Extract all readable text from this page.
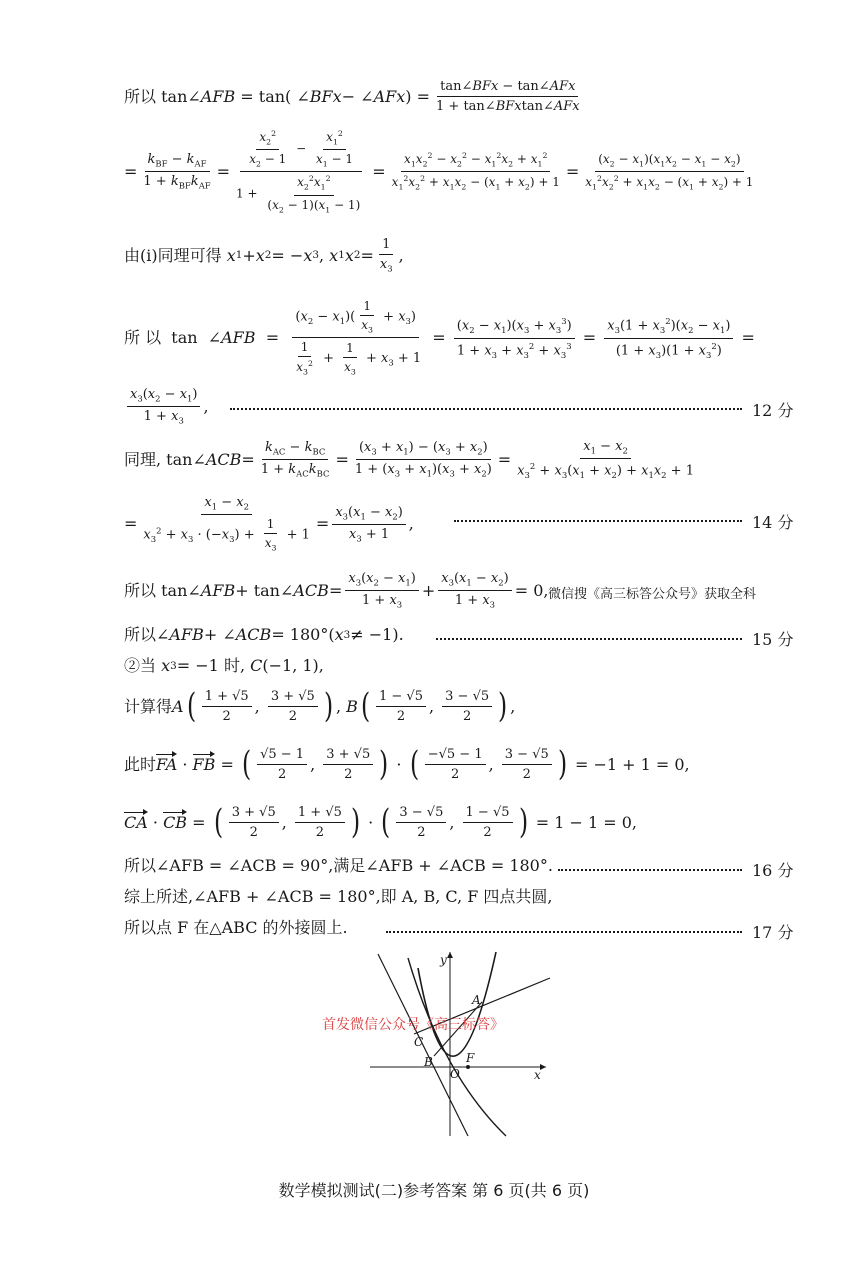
所以 tan∠ AFB = tan( ∠ BFx − ∠ AFx ) = $\frac{\text{tan∠BFx − tan∠AFx}}{\text{1 + tan∠BFxtan∠AFx}}$
= $\frac{k_{BF} - k_{AF}}{1 + k_{BF}k_{AF}} = \frac{\frac{x_2^2}{x_2 - 1} - \frac{x_1^2}{x_1 - 1}}{1 + \frac{x_2^2x_1^2}{(x_2 - 1)(x_1 - 1)}} = \frac{x_1x_2^2 - x_2^2 - x_1^2x_2 + x_1^2}{x_1^2x_2^2 + x_1x_2 - (x_1 + x_2) + 1} = \frac{(x_2 - x_1)(x_1x_2 - x_1 - x_2)}{x_1^2x_2^2 + x_1x_2 - (x_1 + x_2) + 1}$
由(i)同理可得
x 1 + x 2 = − x 3 , x 1 x $2 = \frac{1}{x_3}$ ,
所 以 tan  ∠ AFB = $\frac{(x_2 - x_1)( \frac{1}{x_3} + x_3)}{\frac{1}{x_3^2} + \frac{1}{x_3} + x_3 + 1} = \frac{(x_2 - x_1)(x_3 + x_3^3)}{1 + x_3 + x_3^2 + x_3^3} = \frac{x_3(1 + x_3^2)(x_2 - x_1)}{(1 + x_3)(1 + x_3^2)}$ =
$\frac{x_3(x_2 - x_1)}{1 + x_3}$ ,	12 分
同理, tan∠ ACB = $\frac{k_{AC} - k_{BC}}{1 + k_{AC}k_{BC}} = \frac{(x_3 + x_1) - (x_3 + x_2)}{1 + (x_3 + x_1)(x_3 + x_2)} = \frac{x_1 - x_2}{x_3^2 + x_3(x_1 + x_2) + x_1x_2 + 1}$
= $\frac{x_1 - x_2}{x_3^2 + x_3 \cdot (-x_3) + \frac{1}{x_3} + 1} = \frac{x_3(x_1 - x_2)}{x_3 + 1}$ ,	14 分
所以 tan∠ AFB + tan∠ ACB = $\frac{x_3(x_2 - x_1)}{1 + x_3} + \frac{x_3(x_1 - x_2)}{1 + x_3} = 0$, 微信搜《高三标答公众号》获取全科
所以 ∠ AFB + ∠ ACB = 180°( x 3 ≠ −1).	15 分
②当
x 3 = −1 时,
C (−1, 1),
计算得 A ( $\frac{1 + √5}{2}$ , $\frac{3 + √5}{2}$ ) , B ( $\frac{1 - √5}{2}$ , $\frac{3 - √5}{2}$ ) ,
此时 FA · FB = ( $\frac{√5 - 1}{2}$ , $\frac{3 + √5}{2}$ ) · ( $\frac{-√5 - 1}{2}$ , $\frac{3 - √5}{2}$ ) = −1 + 1 = 0,
CA · CB = ( $\frac{3 + √5}{2}$ , $\frac{1 + √5}{2}$ ) · ( $\frac{3 - √5}{2}$ , $\frac{1 - √5}{2}$ ) = 1 − 1 = 0,
所以∠AFB = ∠ACB = 90°,满足∠AFB + ∠ACB = 180°.	16 分
综上所述,∠AFB + ∠ACB = 180°,即 A, B, C, F 四点共圆,
所以点 F 在△ABC 的外接圆上.	17 分
y
x
A
B
C
O
F
首发微信公众号《高三标答》
数学模拟测试(二)参考答案 第 6 页(共 6 页)
